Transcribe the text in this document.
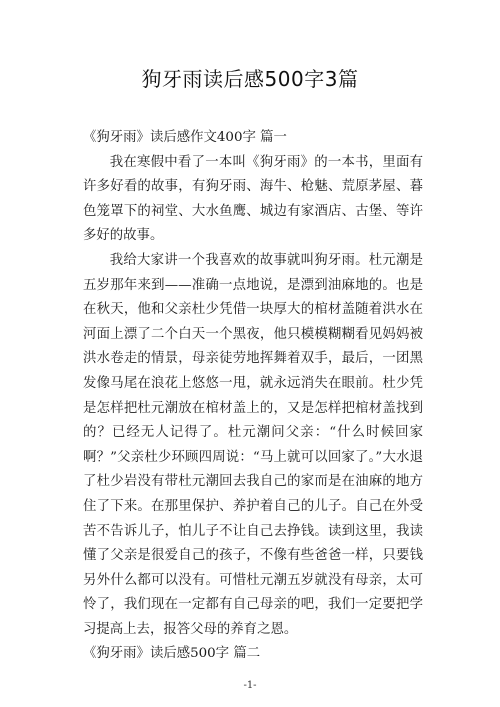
狗牙雨读后感500字3篇

《狗牙雨》读后感作文400字 篇一

我在寒假中看了一本叫《狗牙雨》的一本书，里面有许多好看的故事，有狗牙雨、海牛、枪魅、荒原茅屋、暮色笼罩下的祠堂、大水鱼鹰、城边有家酒店、古堡、等许多好的故事。

我给大家讲一个我喜欢的故事就叫狗牙雨。杜元潮是五岁那年来到——准确一点地说，是漂到油麻地的。也是在秋天，他和父亲杜少凭借一块厚大的棺材盖随着洪水在河面上漂了二个白天一个黑夜，他只模模糊糊看见妈妈被洪水卷走的情景，母亲徒劳地挥舞着双手，最后，一团黑发像马尾在浪花上悠悠一甩，就永远消失在眼前。杜少凭是怎样把杜元潮放在棺材盖上的，又是怎样把棺材盖找到的？已经无人记得了。杜元潮问父亲：“什么时候回家啊？”父亲杜少环顾四周说：“马上就可以回家了。”大水退了杜少岩没有带杜元潮回去我自己的家而是在油麻的地方住了下来。在那里保护、养护着自己的儿子。自己在外受苦不告诉儿子，怕儿子不让自己去挣钱。读到这里，我读懂了父亲是很爱自己的孩子，不像有些爸爸一样，只要钱另外什么都可以没有。可惜杜元潮五岁就没有母亲，太可怜了，我们现在一定都有自己母亲的吧，我们一定要把学习提高上去，报答父母的养育之恩。

《狗牙雨》读后感500字 篇二

-1-
